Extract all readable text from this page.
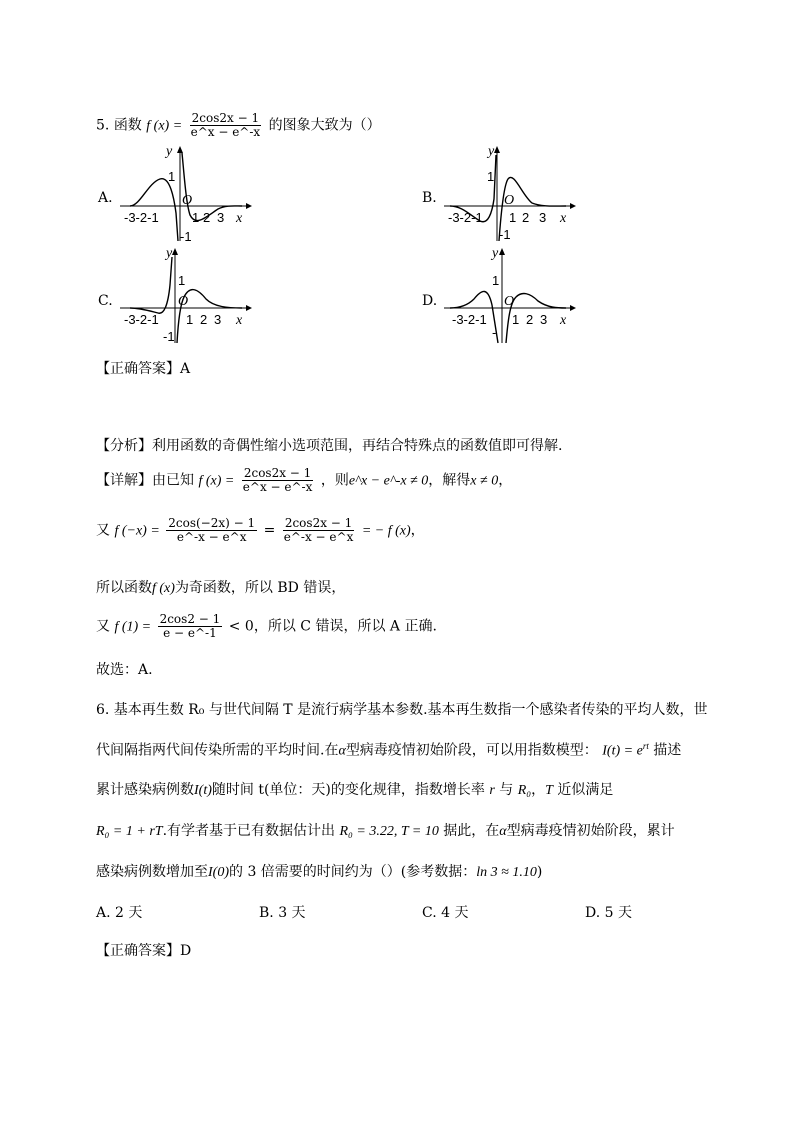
5. 函数 f $(x) = \frac{2\cos 2x - 1}{e\^{}x - e\^{}-x}$ 的图象大致为（）
A.
y
1
-1
O
-3-2-1	1 2 3 x
B.
y
1
-1
O
-3-2-1 1 2 3 x
C.
y
1
-1
O
-3-2-1 1 2 3 x
D.
y
1
-
O
-3-2-1 1 2 3 x
【正确答案】A
【分析】利用函数的奇偶性缩小选项范围，再结合特殊点的函数值即可得解.
【详解】由已知 f $(x) = \frac{2\cos 2x - 1}{e\^{}x - e\^{}-x}$ ，则e^x − e^-x ≠ 0，解得x ≠ 0，
又 f $(-x) = \frac{2\cos(-2x) - 1}{e\^{}-x - e\^{}x} = \frac{2\cos 2x - 1}{e\^{}-x - e\^{}x}$ = − f (x)，
所以函数f (x)为奇函数，所以 BD 错误，
又 f $(1) = \frac{2\cos 2 - 1}{e - e\^{}-1} < 0$，所以 C 错误，所以 A 正确.
故选：A.
6. 基本再生数 R₀ 与世代间隔 T 是流行病学基本参数.基本再生数指一个感染者传染的平均人数，世
代间隔指两代间传染所需的平均时间.在α型病毒疫情初始阶段，可以用指数模型： $I(t) = e^{rt}$ 描述
累计感染病例数I(t)随时间 t(单位：天)的变化规律，指数增长率 r 与 R₀，T 近似满足
R₀ = 1 + rT.有学者基于已有数据估计出 R₀ = 3.22, T = 10 据此，在α型病毒疫情初始阶段，累计
感染病例数增加至I(0)的 3 倍需要的时间约为（）(参考数据：ln 3 ≈ 1.10)
A. 2 天	B. 3 天	C. 4 天	D. 5 天
【正确答案】D
